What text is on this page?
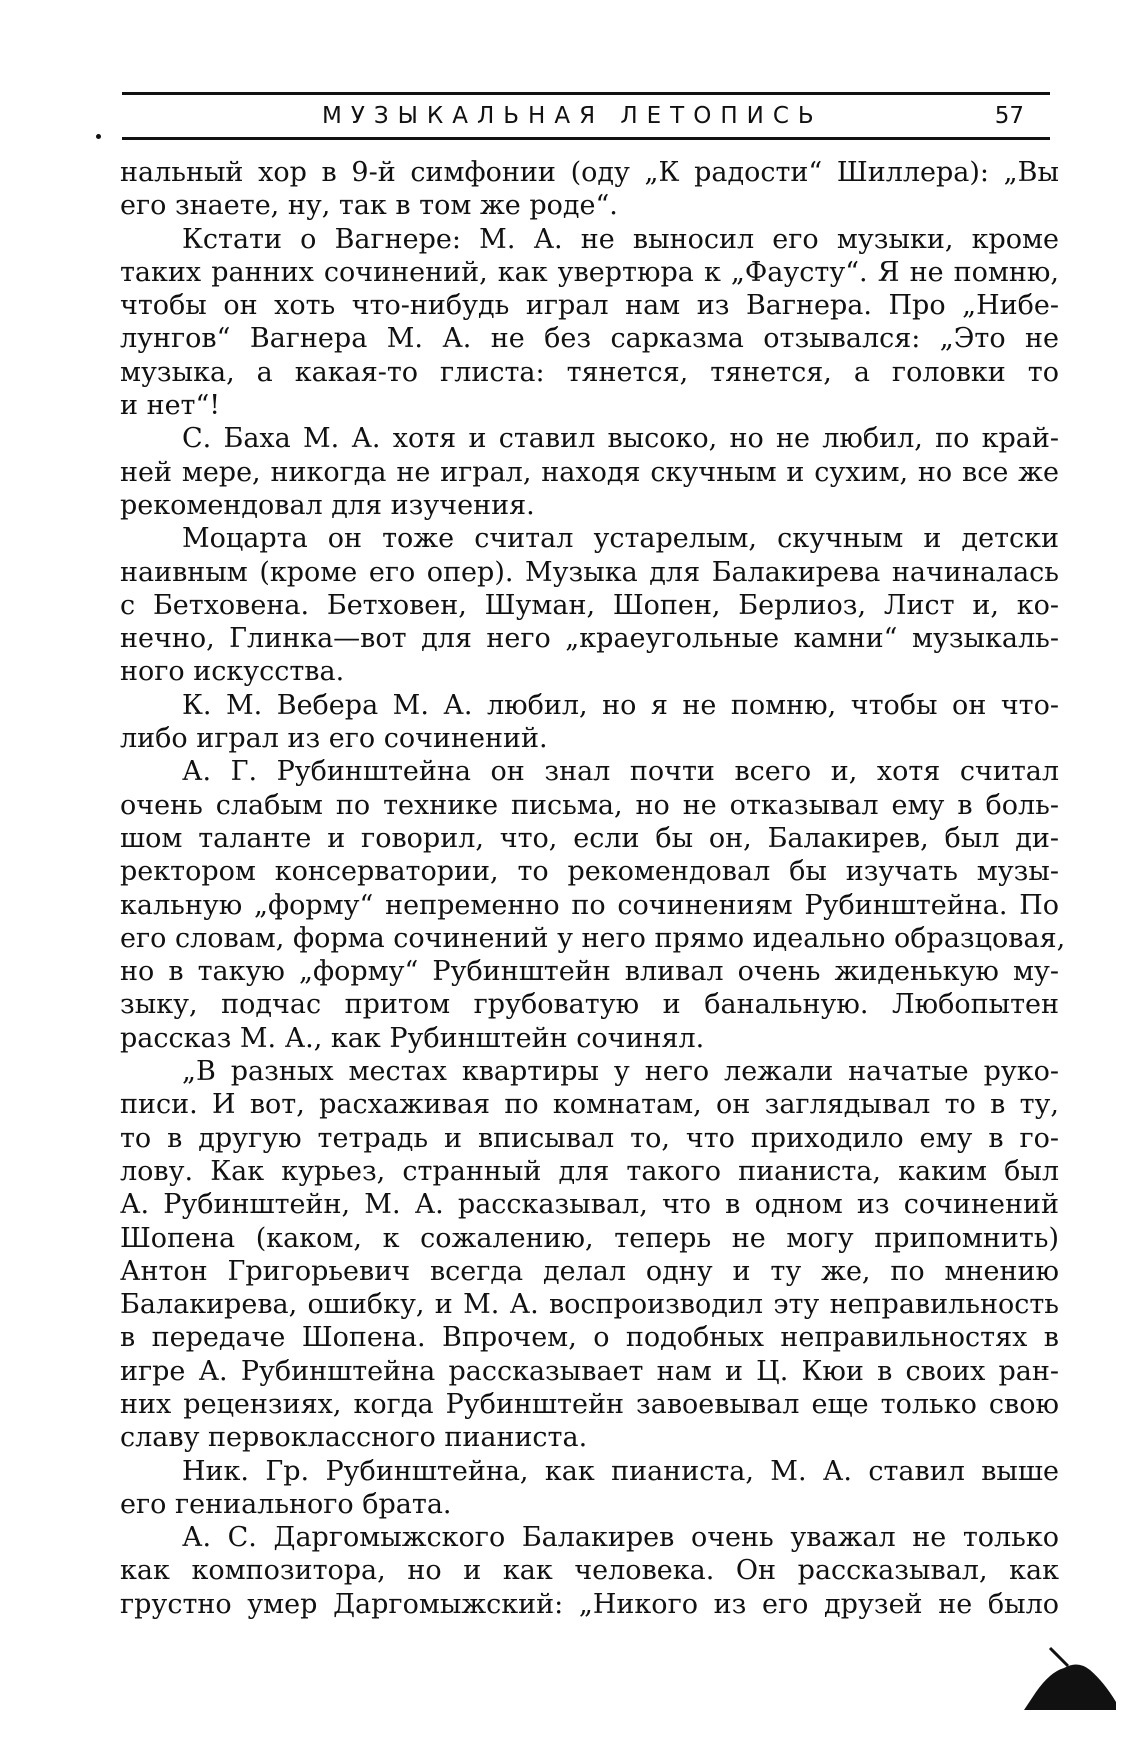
МУЗЫКАЛЬНАЯ ЛЕТОПИСЬ	57
нальный хор в 9-й симфонии (оду „К радости“ Шиллера): „Вы
его знаете, ну, так в том же роде“.
Кстати о Вагнере: М. А. не выносил его музыки, кроме
таких ранних сочинений, как увертюра к „Фаусту“. Я не помню,
чтобы он хоть что-нибудь играл нам из Вагнера. Про „Нибе-
лунгов“ Вагнера М. А. не без сарказма отзывался: „Это не
музыка, а какая-то глиста: тянется, тянется, а головки то
и нет“!
С. Баха М. А. хотя и ставил высоко, но не любил, по край-
ней мере, никогда не играл, находя скучным и сухим, но все же
рекомендовал для изучения.
Моцарта он тоже считал устарелым, скучным и детски
наивным (кроме его опер). Музыка для Балакирева начиналась
с Бетховена. Бетховен, Шуман, Шопен, Берлиоз, Лист и, ко-
нечно, Глинка—вот для него „краеугольные камни“ музыкаль-
ного искусства.
К. М. Вебера М. А. любил, но я не помню, чтобы он что-
либо играл из его сочинений.
А. Г. Рубинштейна он знал почти всего и, хотя считал
очень слабым по технике письма, но не отказывал ему в боль-
шом таланте и говорил, что, если бы он, Балакирев, был ди-
ректором консерватории, то рекомендовал бы изучать музы-
кальную „форму“ непременно по сочинениям Рубинштейна. По
его словам, форма сочинений у него прямо идеально образцовая,
но в такую „форму“ Рубинштейн вливал очень жиденькую му-
зыку, подчас притом грубоватую и банальную. Любопытен
рассказ М. А., как Рубинштейн сочинял.
„В разных местах квартиры у него лежали начатые руко-
писи. И вот, расхаживая по комнатам, он заглядывал то в ту,
то в другую тетрадь и вписывал то, что приходило ему в го-
лову. Как курьез, странный для такого пианиста, каким был
А. Рубинштейн, М. А. рассказывал, что в одном из сочинений
Шопена (каком, к сожалению, теперь не могу припомнить)
Антон Григорьевич всегда делал одну и ту же, по мнению
Балакирева, ошибку, и М. А. воспроизводил эту неправильность
в передаче Шопена. Впрочем, о подобных неправильностях в
игре А. Рубинштейна рассказывает нам и Ц. Кюи в своих ран-
них рецензиях, когда Рубинштейн завоевывал еще только свою
славу первоклассного пианиста.
Ник. Гр. Рубинштейна, как пианиста, М. А. ставил выше
его гениального брата.
А. С. Даргомыжского Балакирев очень уважал не только
как композитора, но и как человека. Он рассказывал, как
грустно умер Даргомыжский: „Никого из его друзей не было
